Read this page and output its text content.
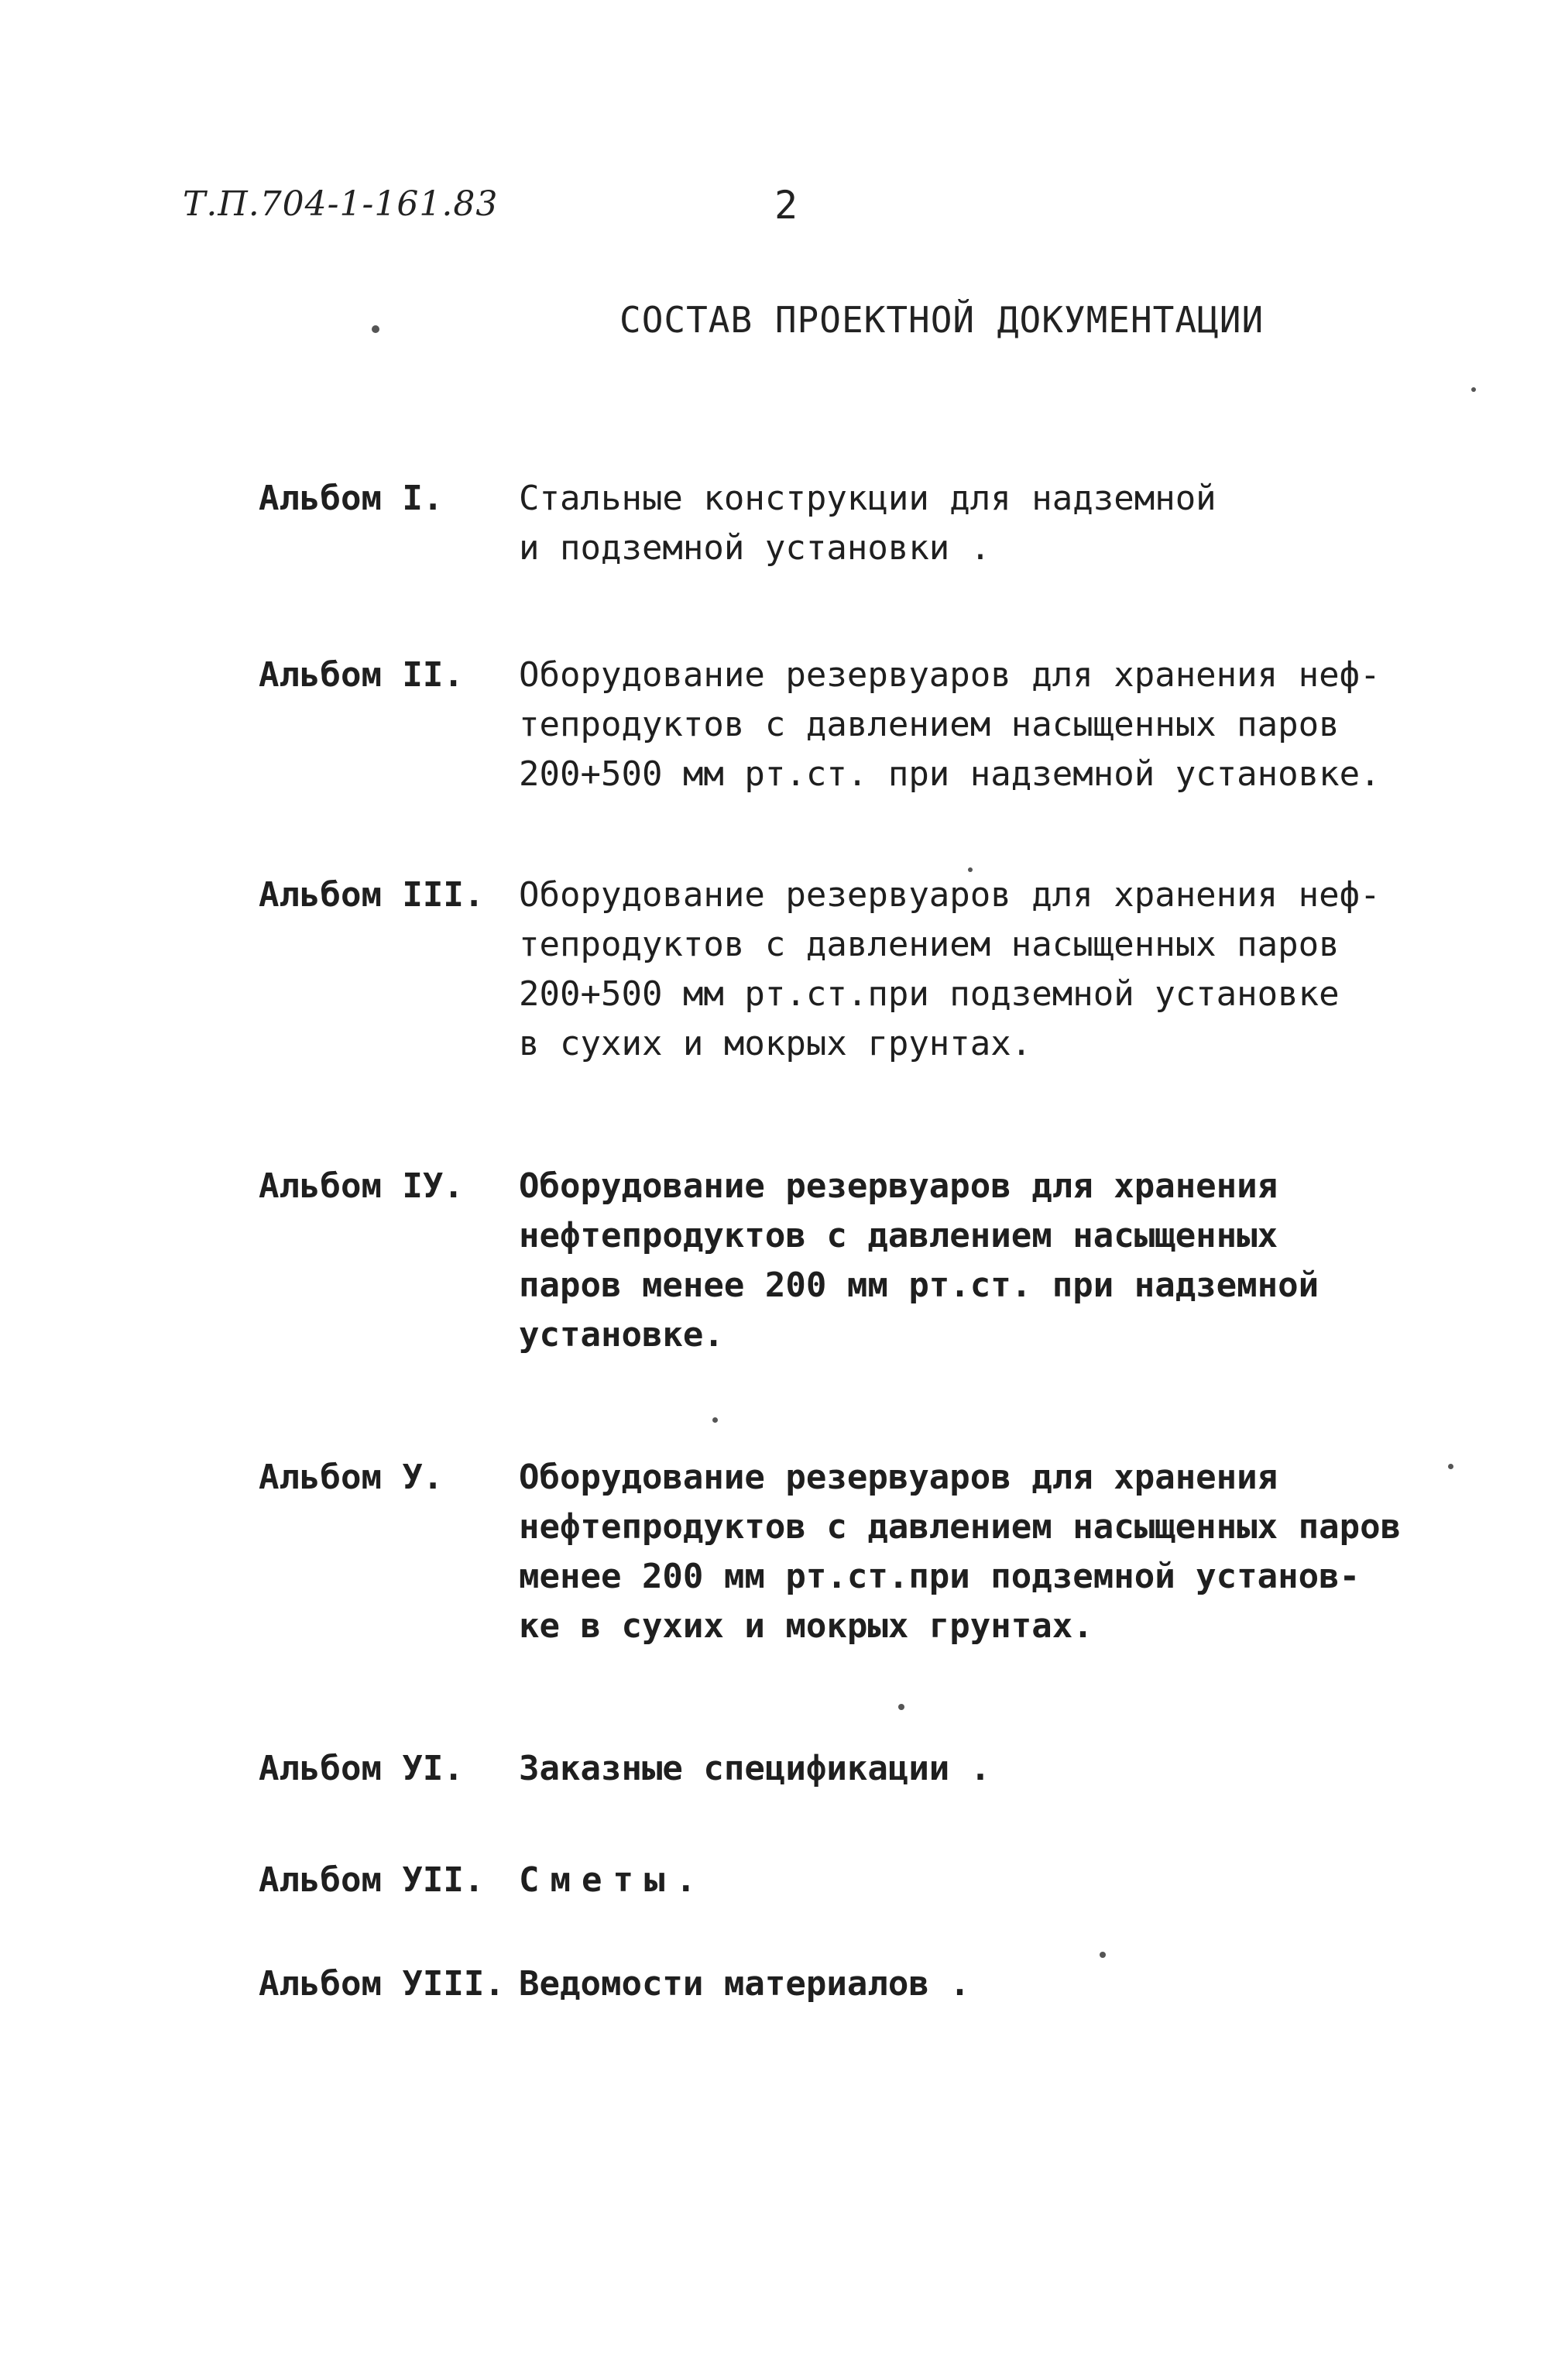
Т.П.704-1-161.83	2
СОСТАВ ПРОЕКТНОЙ ДОКУМЕНТАЦИИ
Альбом I.	Стальные конструкции для надземной
и подземной установки .
Альбом II.	Оборудование резервуаров для хранения неф-
тепродуктов с давлением насыщенных паров
200+500 мм рт.ст. при надземной установке.
Альбом III.	Оборудование резервуаров для хранения неф-
тепродуктов с давлением насыщенных паров
200+500 мм рт.ст.при подземной установке
в сухих и мокрых грунтах.
Альбом IУ.	Оборудование резервуаров для хранения
нефтепродуктов с давлением насыщенных
паров менее 200 мм рт.ст. при надземной
установке.
Альбом У.	Оборудование резервуаров для хранения
нефтепродуктов с давлением насыщенных паров
менее 200 мм рт.ст.при подземной установ-
ке в сухих и мокрых грунтах.
Альбом УI.	Заказные спецификации .
Альбом УII.	Сметы.
Альбом УIII. Ведомости материалов .
